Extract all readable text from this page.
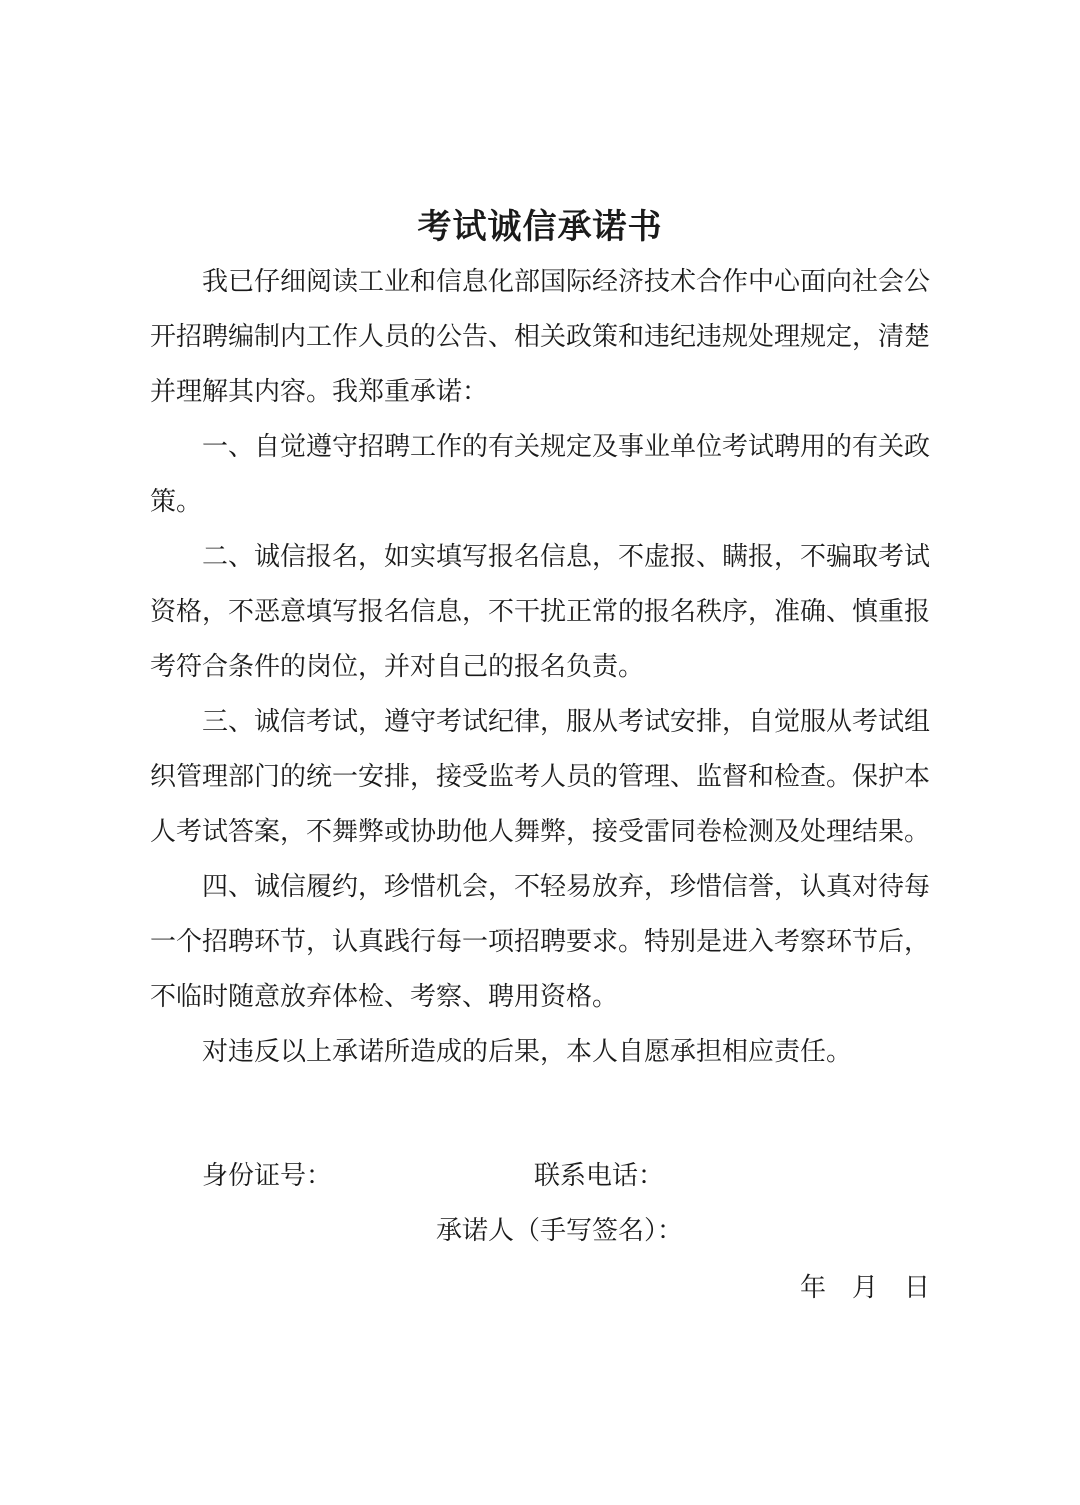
考试诚信承诺书

我已仔细阅读工业和信息化部国际经济技术合作中心面向社会公开招聘编制内工作人员的公告、相关政策和违纪违规处理规定，清楚并理解其内容。我郑重承诺：

一、自觉遵守招聘工作的有关规定及事业单位考试聘用的有关政策。

二、诚信报名，如实填写报名信息，不虚报、瞒报，不骗取考试资格，不恶意填写报名信息，不干扰正常的报名秩序，准确、慎重报考符合条件的岗位，并对自己的报名负责。

三、诚信考试，遵守考试纪律，服从考试安排，自觉服从考试组织管理部门的统一安排，接受监考人员的管理、监督和检查。保护本人考试答案，不舞弊或协助他人舞弊，接受雷同卷检测及处理结果。

四、诚信履约，珍惜机会，不轻易放弃，珍惜信誉，认真对待每一个招聘环节，认真践行每一项招聘要求。特别是进入考察环节后，不临时随意放弃体检、考察、聘用资格。

对违反以上承诺所造成的后果，本人自愿承担相应责任。

身份证号：	联系电话：
承诺人（手写签名）：
年 月 日
